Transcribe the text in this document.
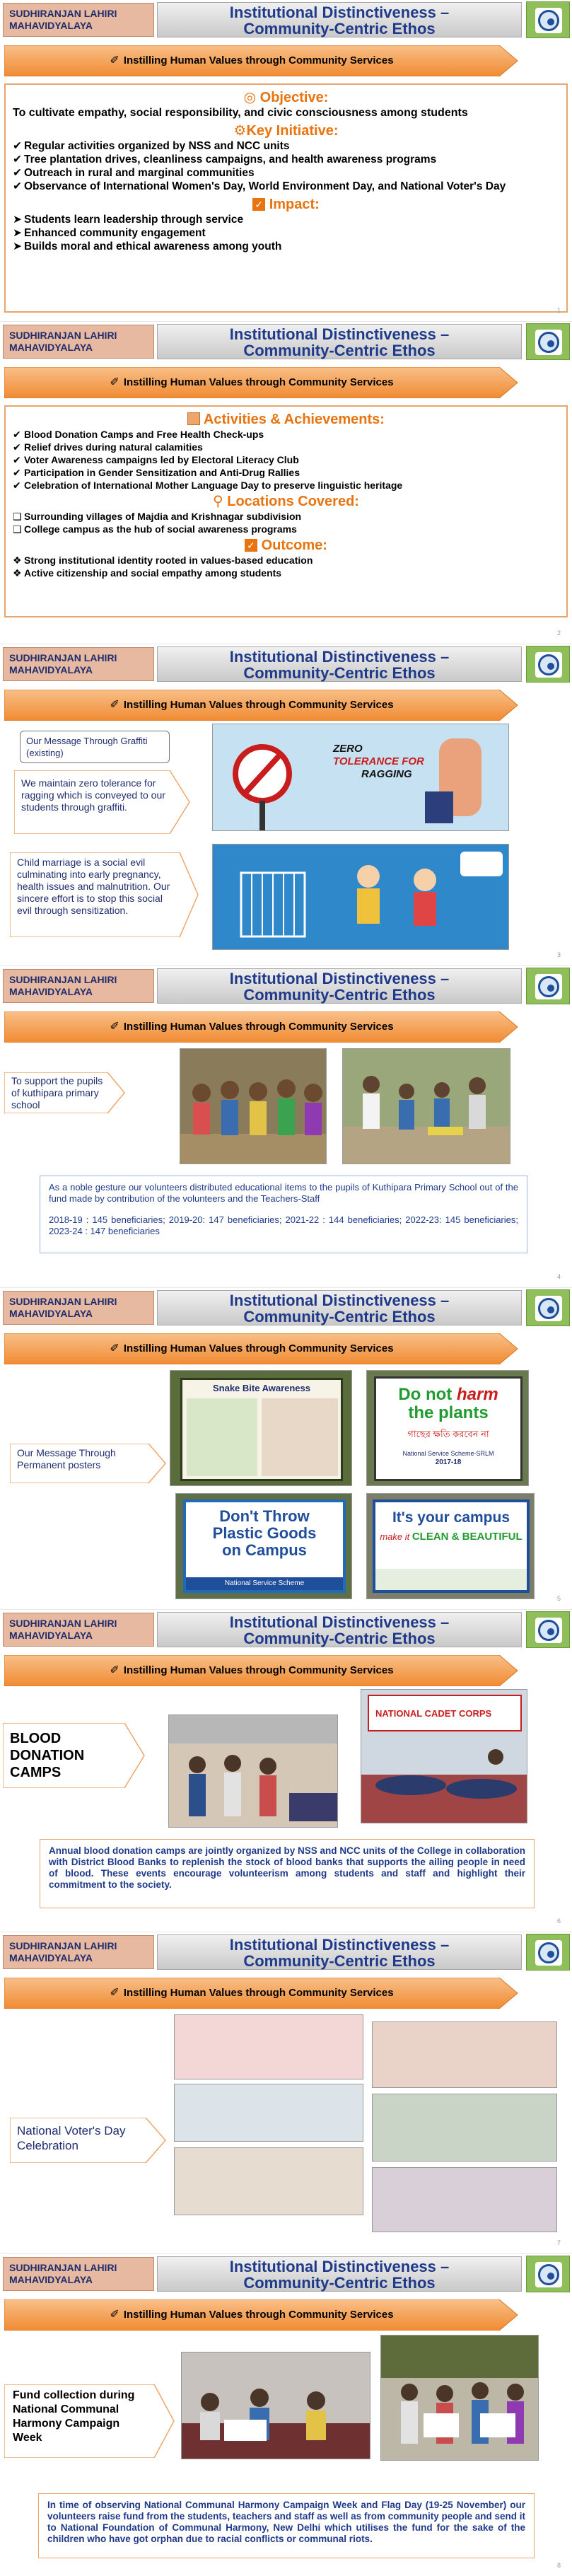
SUDHIRANJAN LAHIRI
MAHAVIDYALAYA
Institutional Distinctiveness –
Community-Centric Ethos
✐ Instilling Human Values through Community Services
◎ Objective:
To cultivate empathy, social responsibility, and civic consciousness among students
⚙Key Initiative:
✔ Regular activities organized by NSS and NCC units
✔ Tree plantation drives, cleanliness campaigns, and health awareness programs
✔ Outreach in rural and marginal communities
✔ Observance of International Women's Day, World Environment Day, and National Voter's Day
✓ Impact:
➤ Students learn leadership through service
➤ Enhanced community engagement
➤ Builds moral and ethical awareness among youth
1
SUDHIRANJAN LAHIRI
MAHAVIDYALAYA
Institutional Distinctiveness –
Community-Centric Ethos
✐ Instilling Human Values through Community Services
Activities & Achievements:
✔ Blood Donation Camps and Free Health Check-ups
✔ Relief drives during natural calamities
✔ Voter Awareness campaigns led by Electoral Literacy Club
✔ Participation in Gender Sensitization and Anti-Drug Rallies
✔ Celebration of International Mother Language Day to preserve linguistic heritage
⚲ Locations Covered:
❑ Surrounding villages of Majdia and Krishnagar subdivision
❑ College campus as the hub of social awareness programs
✓ Outcome:
❖ Strong institutional identity rooted in values-based education
❖ Active citizenship and social empathy among students
2
SUDHIRANJAN LAHIRI
MAHAVIDYALAYA
Institutional Distinctiveness –
Community-Centric Ethos
✐ Instilling Human Values through Community Services
Our Message Through Graffiti (existing)
We maintain zero tolerance for ragging which is conveyed to our students through graffiti.
ZERO
TOLERANCE FOR
RAGGING
Child marriage is a social evil culminating into early pregnancy, health issues and malnutrition. Our sincere effort is to stop this social evil through sensitization.
3
SUDHIRANJAN LAHIRI
MAHAVIDYALAYA
Institutional Distinctiveness –
Community-Centric Ethos
✐ Instilling Human Values through Community Services
To support the pupils of kuthipara primary school
As a noble gesture our volunteers distributed educational items to the pupils of Kuthipara Primary School out of the fund made by contribution of the volunteers and the Teachers-Staff
2018-19 : 145 beneficiaries; 2019-20: 147 beneficiaries; 2021-22 : 144 beneficiaries; 2022-23: 145 beneficiaries; 2023-24 : 147 beneficiaries
4
SUDHIRANJAN LAHIRI
MAHAVIDYALAYA
Institutional Distinctiveness –
Community-Centric Ethos
✐ Instilling Human Values through Community Services
Our Message Through Permanent posters
Snake Bite Awareness	Do not harm
the plants
গাছের ক্ষতি করবেন না
National Service Scheme-SRLM
2017-18
Don't Throw
Plastic Goods
on Campus
National Service Scheme
It's your campus
make it CLEAN & BEAUTIFUL
5
SUDHIRANJAN LAHIRI
MAHAVIDYALAYA
Institutional Distinctiveness –
Community-Centric Ethos
✐ Instilling Human Values through Community Services
BLOOD DONATION CAMPS
NATIONAL CADET CORPS
Annual blood donation camps are jointly organized by NSS and NCC units of the College in collaboration with District Blood Banks to replenish the stock of blood banks that supports the ailing people in need of blood. These events encourage volunteerism among students and staff and highlight their commitment to the society.
6
SUDHIRANJAN LAHIRI
MAHAVIDYALAYA
Institutional Distinctiveness –
Community-Centric Ethos
✐ Instilling Human Values through Community Services
National Voter's Day Celebration
7
SUDHIRANJAN LAHIRI
MAHAVIDYALAYA
Institutional Distinctiveness –
Community-Centric Ethos
✐ Instilling Human Values through Community Services
Fund collection during National Communal Harmony Campaign Week
In time of observing National Communal Harmony Campaign Week and Flag Day (19-25 November) our volunteers raise fund from the students, teachers and staff as well as from community people and send it to National Foundation of Communal Harmony, New Delhi which utilises the fund for the sake of the children who have got orphan due to racial conflicts or communal riots.
8
